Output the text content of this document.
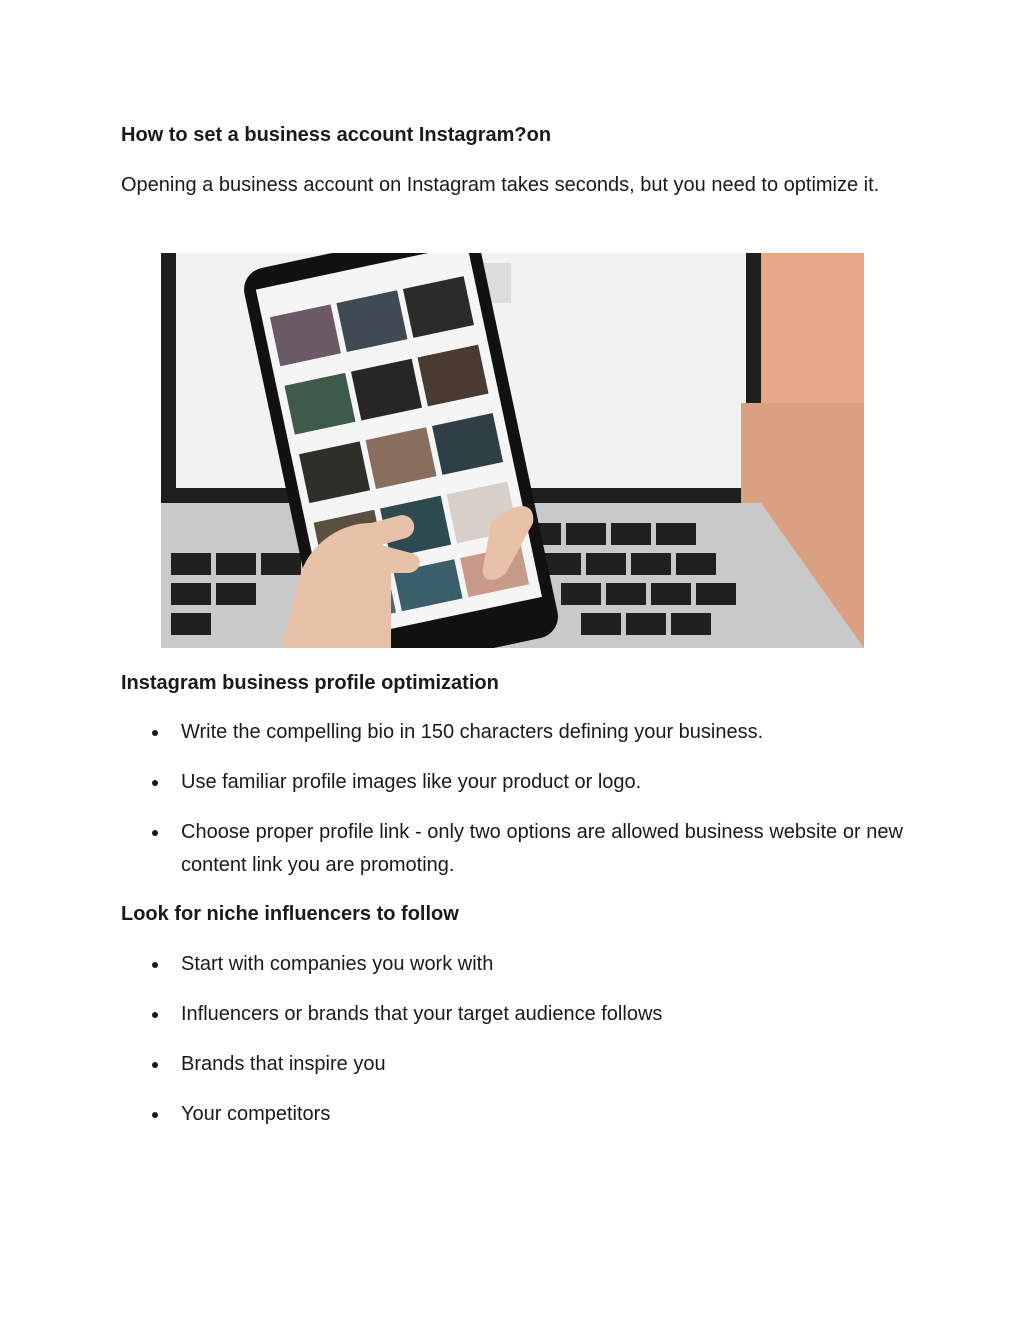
How to set a business account Instagram?on
Opening a business account on Instagram takes seconds, but you need to optimize it.
Instagram business profile optimization
Write the compelling bio in 150 characters defining your business.
Use familiar profile images like your product or logo.
Choose proper profile link - only two options are allowed business website or new content link you are promoting.
Look for niche influencers to follow
Start with companies you work with
Influencers or brands that your target audience follows
Brands that inspire you
Your competitors
